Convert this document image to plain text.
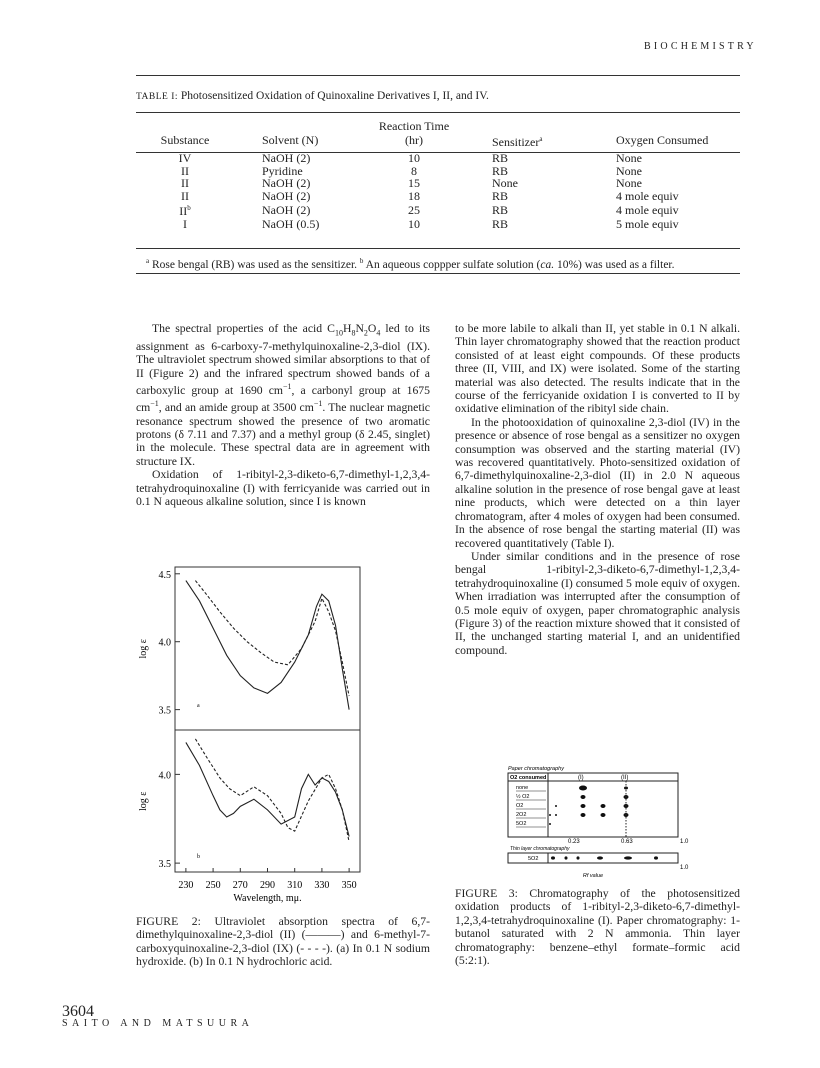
BIOCHEMISTRY
TABLE I: Photosensitized Oxidation of Quinoxaline Derivatives I, II, and IV.
		Reaction Time		
Substance	Solvent (N)	(hr)	Sensitizer$^a$	Oxygen Consumed
IV	NaOH (2)	10	RB	None
II	Pyridine	8	RB	None
II	NaOH (2)	15	None	None
II	NaOH (2)	18	RB	4 mole equiv
$II^b$	NaOH (2)	25	RB	4 mole equiv
I	NaOH (0.5)	10	RB	5 mole equiv
$^a$ Rose bengal (RB) was used as the sensitizer. $^b$ An aqueous coppper sulfate solution (ca. 10%) was used as a filter.

The spectral properties of the acid $C_{10}H_8N_2O_4$ led to its assignment as 6-carboxy-7-methylquinoxaline-2,3-diol (IX). The ultraviolet spectrum showed similar absorptions to that of II (Figure 2) and the infrared spectrum showed bands of a carboxylic group at 1690 $cm^{-1}$, a carbonyl group at 1675 $cm^{-1}$, and an amide group at 3500 $cm^{-1}$. The nuclear magnetic resonance spectrum showed the presence of two aromatic protons (δ 7.11 and 7.37) and a methyl group (δ 2.45, singlet) in the molecule. These spectral data are in agreement with structure IX.

Oxidation of 1-ribityl-2,3-diketo-6,7-dimethyl-1,2,3,4-tetrahydroquinoxaline (I) with ferricyanide was carried out in 0.1 N aqueous alkaline solution, since I is known

to be more labile to alkali than II, yet stable in 0.1 N alkali. Thin layer chromatography showed that the reaction product consisted of at least eight compounds. Of these products three (II, VIII, and IX) were isolated. Some of the starting material was also detected. The results indicate that in the course of the ferricyanide oxidation I is converted to II by oxidative elimination of the ribityl side chain.

In the photooxidation of quinoxaline 2,3-diol (IV) in the presence or absence of rose bengal as a sensitizer no oxygen consumption was observed and the starting material (IV) was recovered quantitatively. Photo-sensitized oxidation of 6,7-dimethylquinoxaline-2,3-diol (II) in 2.0 N aqueous alkaline solution in the presence of rose bengal gave at least nine products, which were detected on a thin layer chromatogram, after 4 moles of oxygen had been consumed. In the absence of rose bengal the starting material (II) was recovered quantitatively (Table I).

Under similar conditions and in the presence of rose bengal 1-ribityl-2,3-diketo-6,7-dimethyl-1,2,3,4-tetrahydroquinoxaline (I) consumed 5 mole equiv of oxygen. When irradiation was interrupted after the consumption of 0.5 mole equiv of oxygen, paper chromatographic analysis (Figure 3) of the reaction mixture showed that it consisted of II, the unchanged starting material I, and an unidentified compound.

4.5
4.0
3.5
log ε
a
4.0
3.5
log ε
b
230 250 270 290 310 330 350
Wavelength, mμ.
FIGURE 2: Ultraviolet absorption spectra of 6,7-dimethylquinoxaline-2,3-diol (II) (———) and 6-methyl-7-carboxyquinoxaline-2,3-diol (IX) (- - - -). (a) In 0.1 N sodium hydroxide. (b) In 0.1 N hydrochloric acid.
3604
Paper chromatography
O2 consumed	(I)	(II)
none
½ O2
O2
2O2
5O2
0.23	0.63	1.0
Thin layer chromatography
5O2
1.0
Rf value
FIGURE 3: Chromatography of the photosensitized oxidation products of 1-ribityl-2,3-diketo-6,7-dimethyl-1,2,3,4-tetrahydroquinoxaline (I). Paper chromatography: 1-butanol saturated with 2 N ammonia. Thin layer chromatography: benzene–ethyl formate–formic acid (5:2:1).
SAITO AND MATSUURA
